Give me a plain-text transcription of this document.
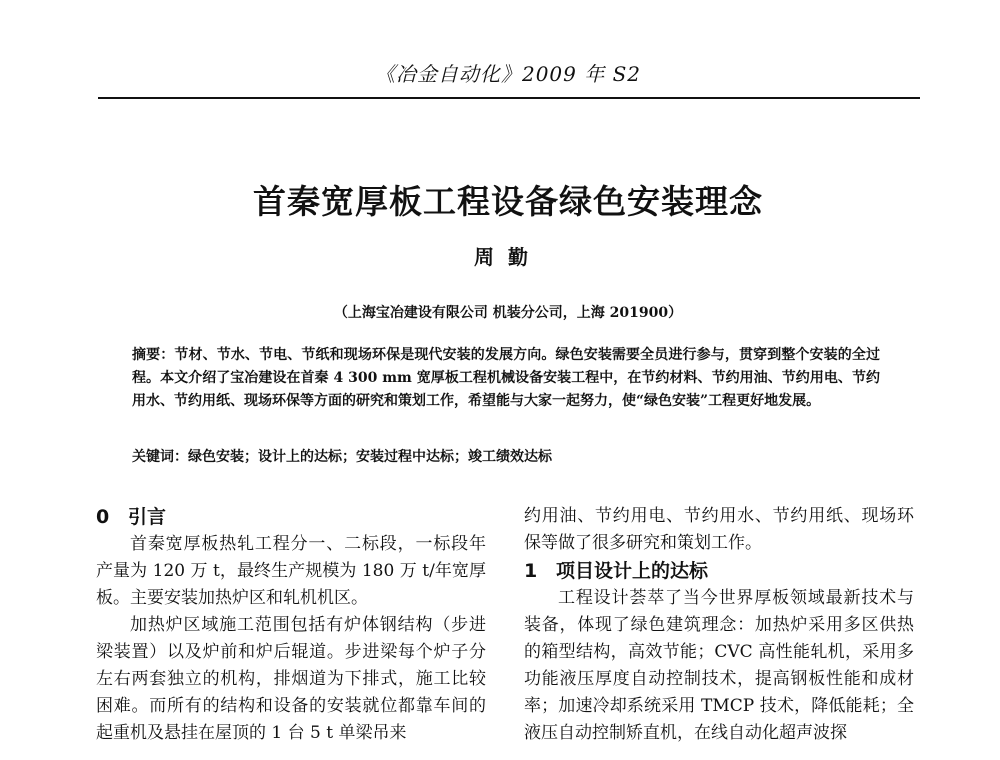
《冶金自动化》2009 年 S2
首秦宽厚板工程设备绿色安装理念
周勤
（上海宝冶建设有限公司 机装分公司，上海 201900）
摘要：节材、节水、节电、节纸和现场环保是现代安装的发展方向。绿色安装需要全员进行参与，贯穿到整个安装的全过程。本文介绍了宝冶建设在首秦 4 300 mm 宽厚板工程机械设备安装工程中，在节约材料、节约用油、节约用电、节约用水、节约用纸、现场环保等方面的研究和策划工作，希望能与大家一起努力，使“绿色安装”工程更好地发展。
关键词：绿色安装；设计上的达标；安装过程中达标；竣工绩效达标
0 引言

首秦宽厚板热轧工程分一、二标段，一标段年产量为 120 万 t，最终生产规模为 180 万 t/年宽厚板。主要安装加热炉区和轧机机区。

加热炉区域施工范围包括有炉体钢结构（步进梁装置）以及炉前和炉后辊道。步进梁每个炉子分左右两套独立的机构，排烟道为下排式，施工比较困难。而所有的结构和设备的安装就位都靠车间的起重机及悬挂在屋顶的 1 台 5 t 单梁吊来

约用油、节约用电、节约用水、节约用纸、现场环保等做了很多研究和策划工作。

1 项目设计上的达标

工程设计荟萃了当今世界厚板领域最新技术与装备，体现了绿色建筑理念：加热炉采用多区供热的箱型结构，高效节能；CVC 高性能轧机，采用多功能液压厚度自动控制技术，提高钢板性能和成材率；加速冷却系统采用 TMCP 技术，降低能耗；全液压自动控制矫直机，在线自动化超声波探
